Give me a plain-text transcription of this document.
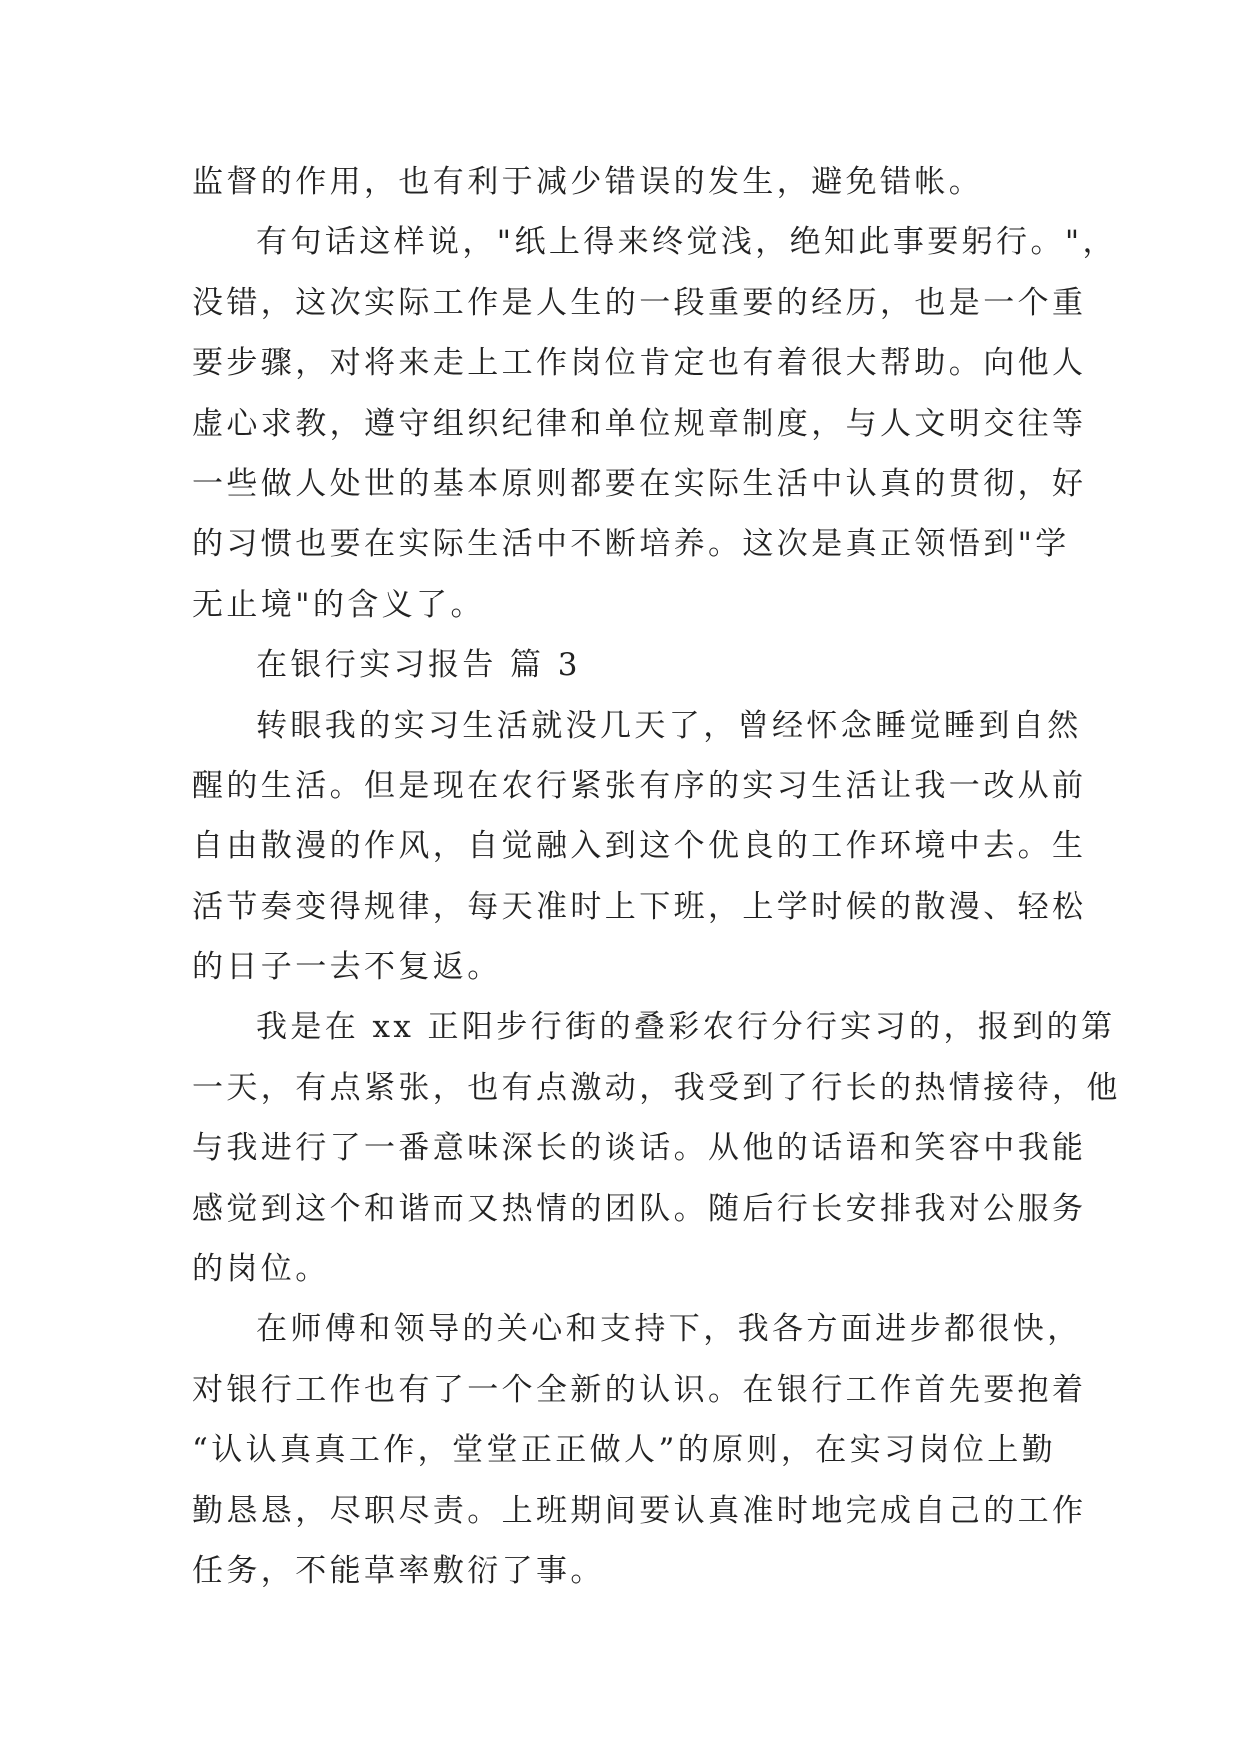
监督的作用，也有利于减少错误的发生，避免错帐。
有句话这样说，"纸上得来终觉浅，绝知此事要躬行。"，
没错，这次实际工作是人生的一段重要的经历，也是一个重
要步骤，对将来走上工作岗位肯定也有着很大帮助。向他人
虚心求教，遵守组织纪律和单位规章制度，与人文明交往等
一些做人处世的基本原则都要在实际生活中认真的贯彻，好
的习惯也要在实际生活中不断培养。这次是真正领悟到"学
无止境"的含义了。
在银行实习报告 篇 3
转眼我的实习生活就没几天了，曾经怀念睡觉睡到自然
醒的生活。但是现在农行紧张有序的实习生活让我一改从前
自由散漫的作风，自觉融入到这个优良的工作环境中去。生
活节奏变得规律，每天准时上下班，上学时候的散漫、轻松
的日子一去不复返。
我是在 xx 正阳步行街的叠彩农行分行实习的，报到的第
一天，有点紧张，也有点激动，我受到了行长的热情接待，他
与我进行了一番意味深长的谈话。从他的话语和笑容中我能
感觉到这个和谐而又热情的团队。随后行长安排我对公服务
的岗位。
在师傅和领导的关心和支持下，我各方面进步都很快，
对银行工作也有了一个全新的认识。在银行工作首先要抱着
“认认真真工作，堂堂正正做人”的原则，在实习岗位上勤
勤恳恳，尽职尽责。上班期间要认真准时地完成自己的工作
任务，不能草率敷衍了事。
